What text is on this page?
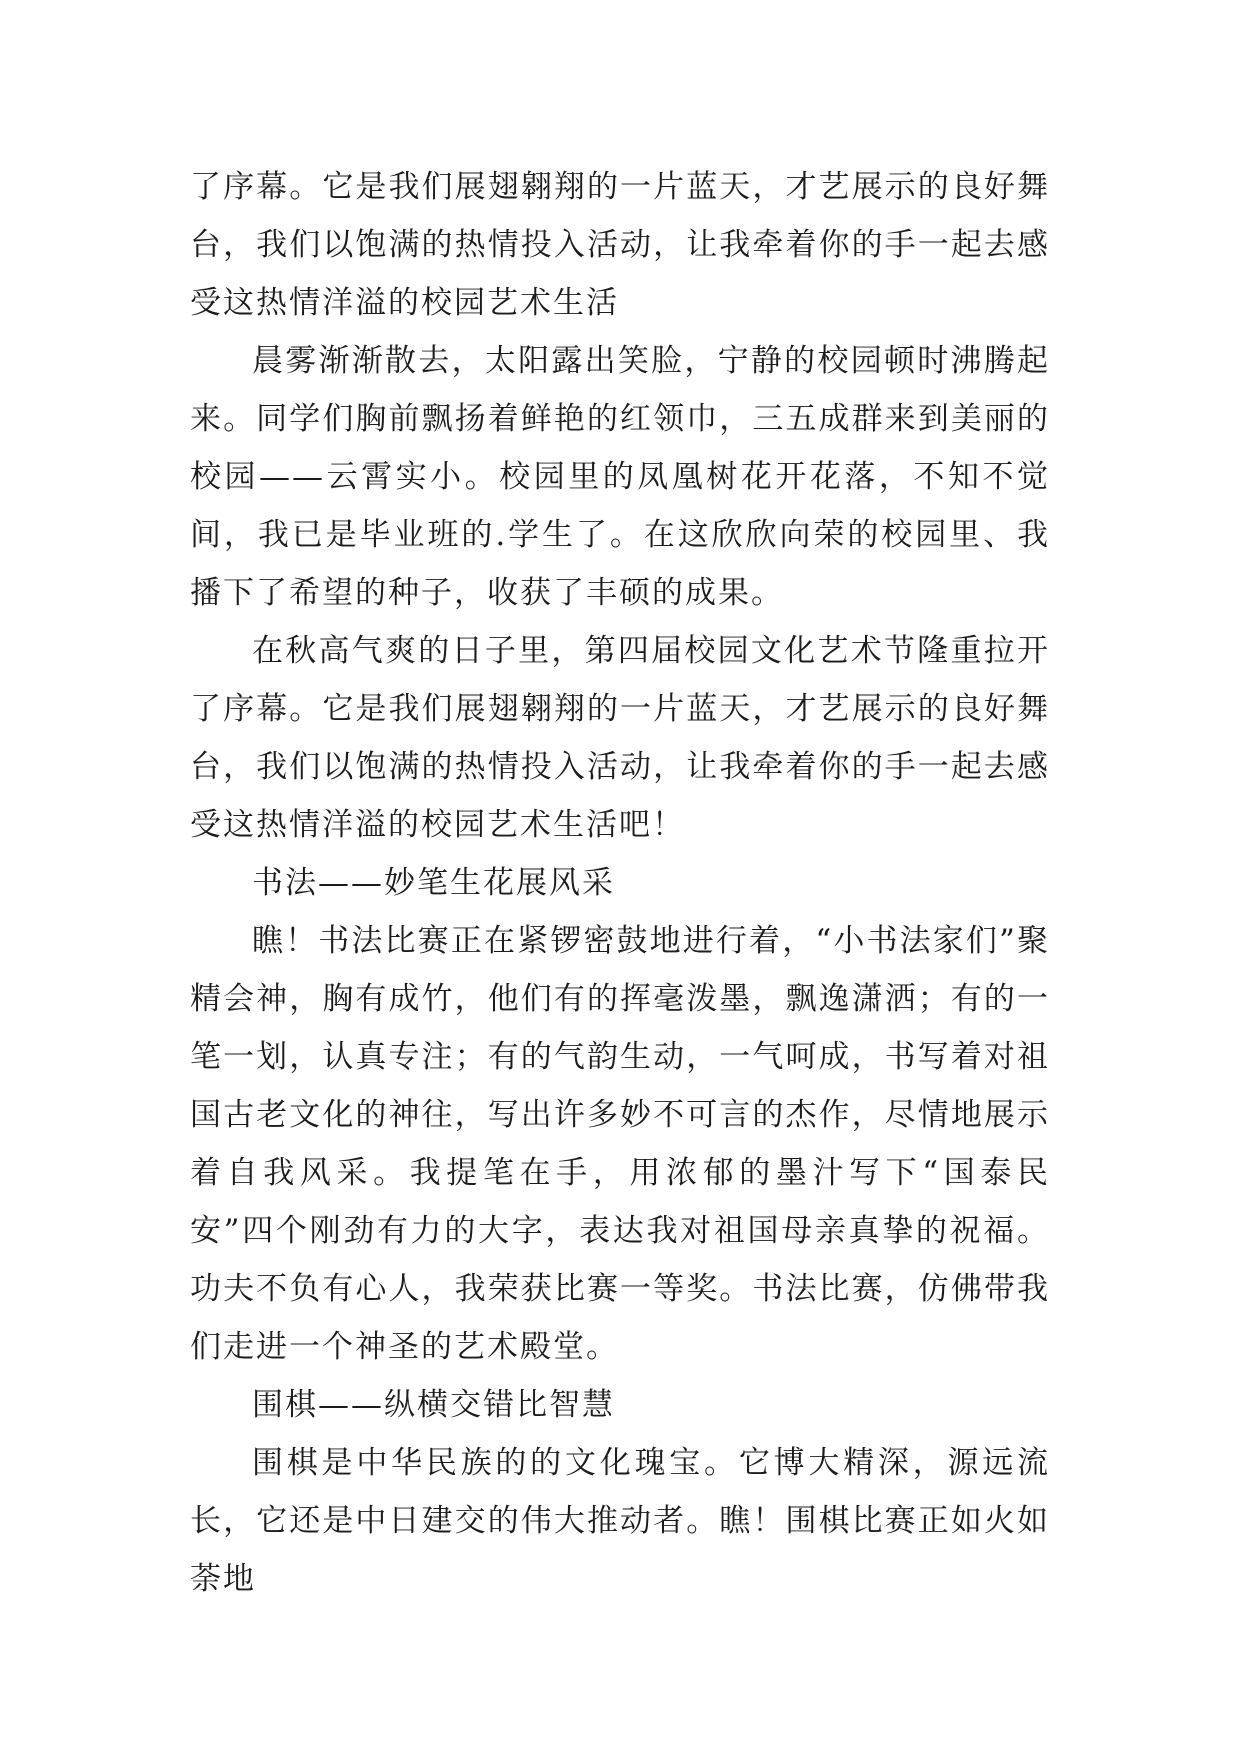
了序幕。它是我们展翅翱翔的一片蓝天，才艺展示的良好舞台，我们以饱满的热情投入活动，让我牵着你的手一起去感受这热情洋溢的校园艺术生活

晨雾渐渐散去，太阳露出笑脸，宁静的校园顿时沸腾起来。同学们胸前飘扬着鲜艳的红领巾，三五成群来到美丽的校园——云霄实小。校园里的凤凰树花开花落，不知不觉间，我已是毕业班的.学生了。在这欣欣向荣的校园里、我播下了希望的种子，收获了丰硕的成果。

在秋高气爽的日子里，第四届校园文化艺术节隆重拉开了序幕。它是我们展翅翱翔的一片蓝天，才艺展示的良好舞台，我们以饱满的热情投入活动，让我牵着你的手一起去感受这热情洋溢的校园艺术生活吧！

书法——妙笔生花展风采

瞧！书法比赛正在紧锣密鼓地进行着，“小书法家们”聚精会神，胸有成竹，他们有的挥毫泼墨，飘逸潇洒；有的一笔一划，认真专注；有的气韵生动，一气呵成，书写着对祖国古老文化的神往，写出许多妙不可言的杰作，尽情地展示着自我风采。我提笔在手，用浓郁的墨汁写下“国泰民安”四个刚劲有力的大字，表达我对祖国母亲真挚的祝福。功夫不负有心人，我荣获比赛一等奖。书法比赛，仿佛带我们走进一个神圣的艺术殿堂。

围棋——纵横交错比智慧

围棋是中华民族的的文化瑰宝。它博大精深，源远流长，它还是中日建交的伟大推动者。瞧！围棋比赛正如火如荼地
